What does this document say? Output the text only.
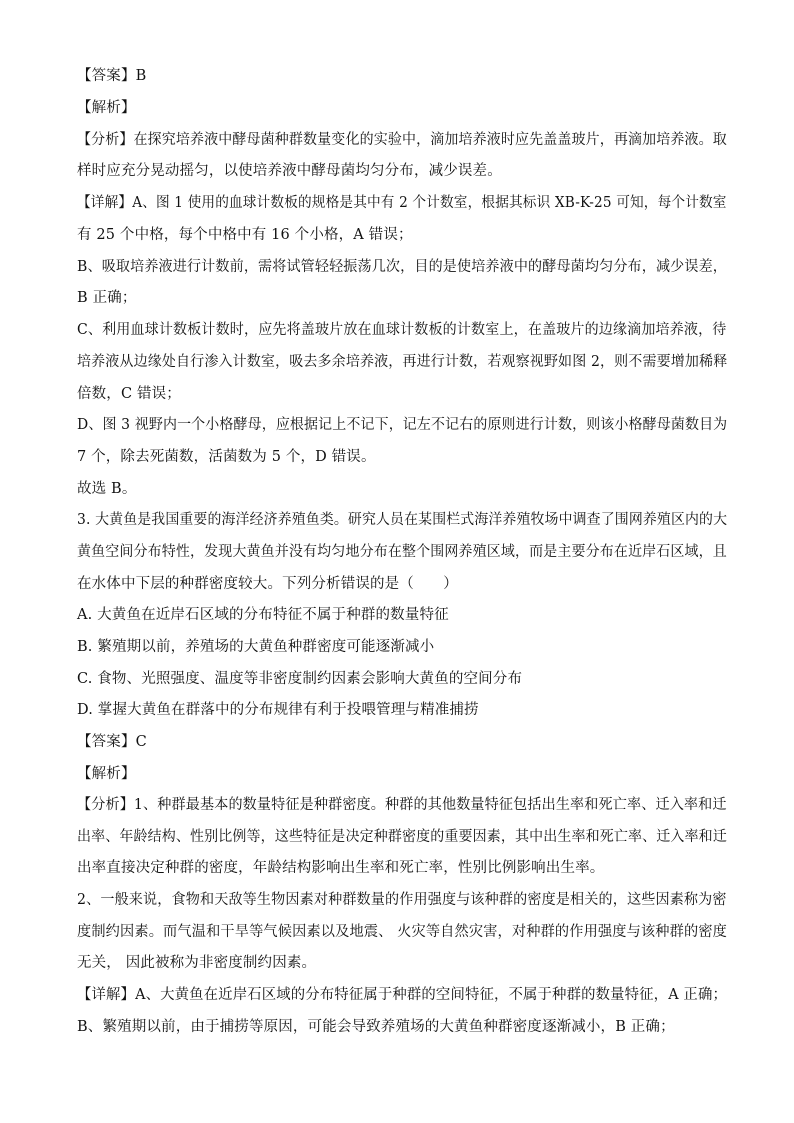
【答案】B
【解析】
【分析】在探究培养液中酵母菌种群数量变化的实验中，滴加培养液时应先盖盖玻片，再滴加培养液。取
样时应充分晃动摇匀，以使培养液中酵母菌均匀分布，减少误差。
【详解】A、图 1 使用的血球计数板的规格是其中有 2 个计数室，根据其标识 XB-K-25 可知，每个计数室
有 25 个中格，每个中格中有 16 个小格，A 错误；
B、吸取培养液进行计数前，需将试管轻轻振荡几次，目的是使培养液中的酵母菌均匀分布，减少误差，
B 正确；
C、利用血球计数板计数时，应先将盖玻片放在血球计数板的计数室上，在盖玻片的边缘滴加培养液，待
培养液从边缘处自行渗入计数室，吸去多余培养液，再进行计数，若观察视野如图 2，则不需要增加稀释
倍数，C 错误；
D、图 3 视野内一个小格酵母，应根据记上不记下，记左不记右的原则进行计数，则该小格酵母菌数目为
7 个，除去死菌数，活菌数为 5 个，D 错误。
故选 B。
3. 大黄鱼是我国重要的海洋经济养殖鱼类。研究人员在某围栏式海洋养殖牧场中调查了围网养殖区内的大
黄鱼空间分布特性，发现大黄鱼并没有均匀地分布在整个围网养殖区域，而是主要分布在近岸石区域，且
在水体中下层的种群密度较大。下列分析错误的是（　　）
A. 大黄鱼在近岸石区域的分布特征不属于种群的数量特征
B. 繁殖期以前，养殖场的大黄鱼种群密度可能逐渐减小
C. 食物、光照强度、温度等非密度制约因素会影响大黄鱼的空间分布
D. 掌握大黄鱼在群落中的分布规律有利于投喂管理与精准捕捞
【答案】C
【解析】
【分析】1、种群最基本的数量特征是种群密度。种群的其他数量特征包括出生率和死亡率、迁入率和迁
出率、年龄结构、性别比例等，这些特征是决定种群密度的重要因素，其中出生率和死亡率、迁入率和迁
出率直接决定种群的密度，年龄结构影响出生率和死亡率，性别比例影响出生率。
2、一般来说，食物和天敌等生物因素对种群数量的作用强度与该种群的密度是相关的，这些因素称为密
度制约因素。而气温和干旱等气候因素以及地震、 火灾等自然灾害，对种群的作用强度与该种群的密度
无关， 因此被称为非密度制约因素。
【详解】A、大黄鱼在近岸石区域的分布特征属于种群的空间特征，不属于种群的数量特征，A 正确；
B、繁殖期以前，由于捕捞等原因，可能会导致养殖场的大黄鱼种群密度逐渐减小，B 正确；
